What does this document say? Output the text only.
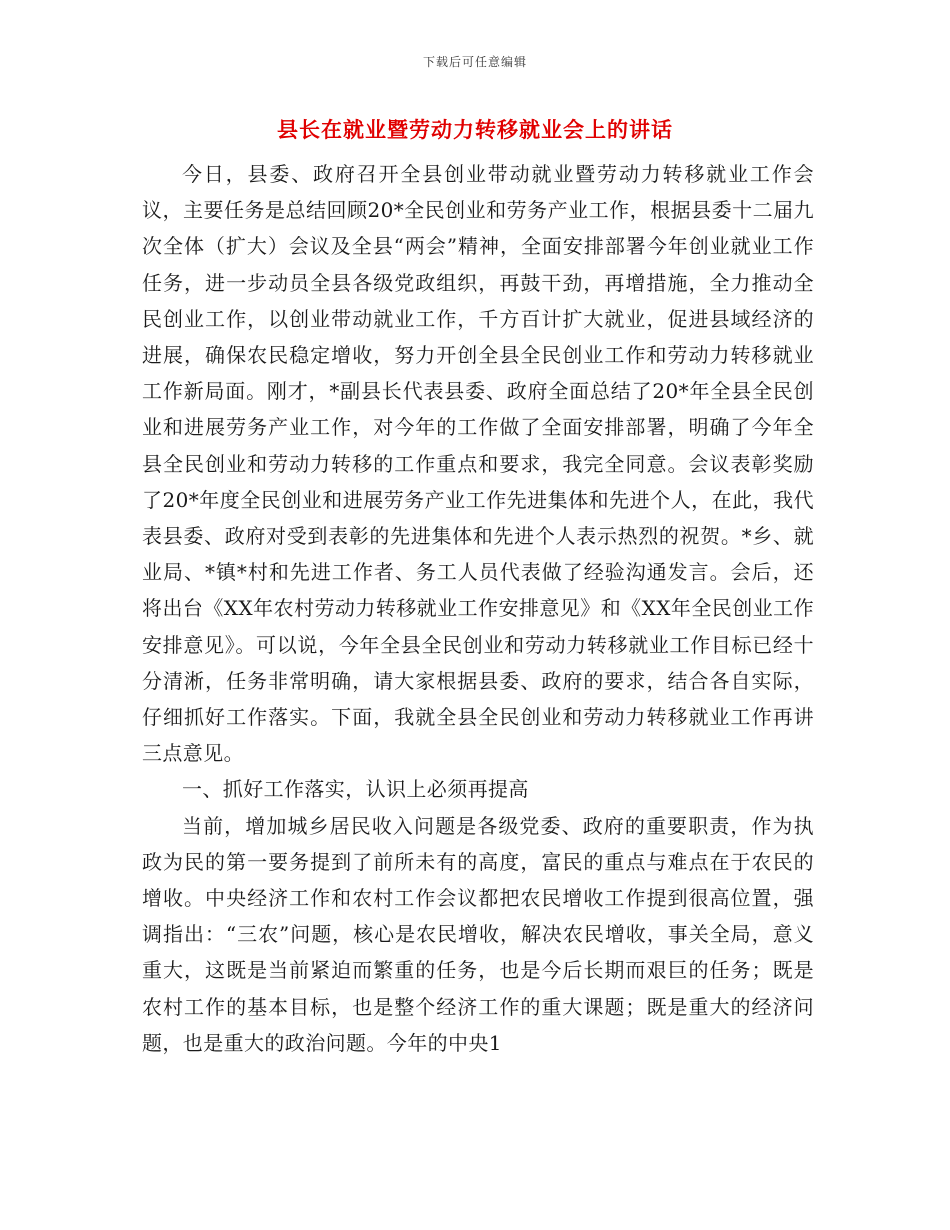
下载后可任意编辑
县长在就业暨劳动力转移就业会上的讲话

今日，县委、政府召开全县创业带动就业暨劳动力转移就业工作会议，主要任务是总结回顾20*全民创业和劳务产业工作，根据县委十二届九次全体（扩大）会议及全县“两会”精神，全面安排部署今年创业就业工作任务，进一步动员全县各级党政组织，再鼓干劲，再增措施，全力推动全民创业工作，以创业带动就业工作，千方百计扩大就业，促进县域经济的进展，确保农民稳定增收，努力开创全县全民创业工作和劳动力转移就业工作新局面。刚才，*副县长代表县委、政府全面总结了20*年全县全民创业和进展劳务产业工作，对今年的工作做了全面安排部署，明确了今年全县全民创业和劳动力转移的工作重点和要求，我完全同意。会议表彰奖励了20*年度全民创业和进展劳务产业工作先进集体和先进个人，在此，我代表县委、政府对受到表彰的先进集体和先进个人表示热烈的祝贺。*乡、就业局、*镇*村和先进工作者、务工人员代表做了经验沟通发言。会后，还将出台《XX年农村劳动力转移就业工作安排意见》和《XX年全民创业工作安排意见》。可以说，今年全县全民创业和劳动力转移就业工作目标已经十分清淅，任务非常明确，请大家根据县委、政府的要求，结合各自实际，仔细抓好工作落实。下面，我就全县全民创业和劳动力转移就业工作再讲三点意见。

一、抓好工作落实，认识上必须再提高

当前，增加城乡居民收入问题是各级党委、政府的重要职责，作为执政为民的第一要务提到了前所未有的高度，富民的重点与难点在于农民的增收。中央经济工作和农村工作会议都把农民增收工作提到很高位置，强调指出：“三农”问题，核心是农民增收，解决农民增收，事关全局，意义重大，这既是当前紧迫而繁重的任务，也是今后长期而艰巨的任务；既是农村工作的基本目标，也是整个经济工作的重大课题；既是重大的经济问题，也是重大的政治问题。今年的中央1
